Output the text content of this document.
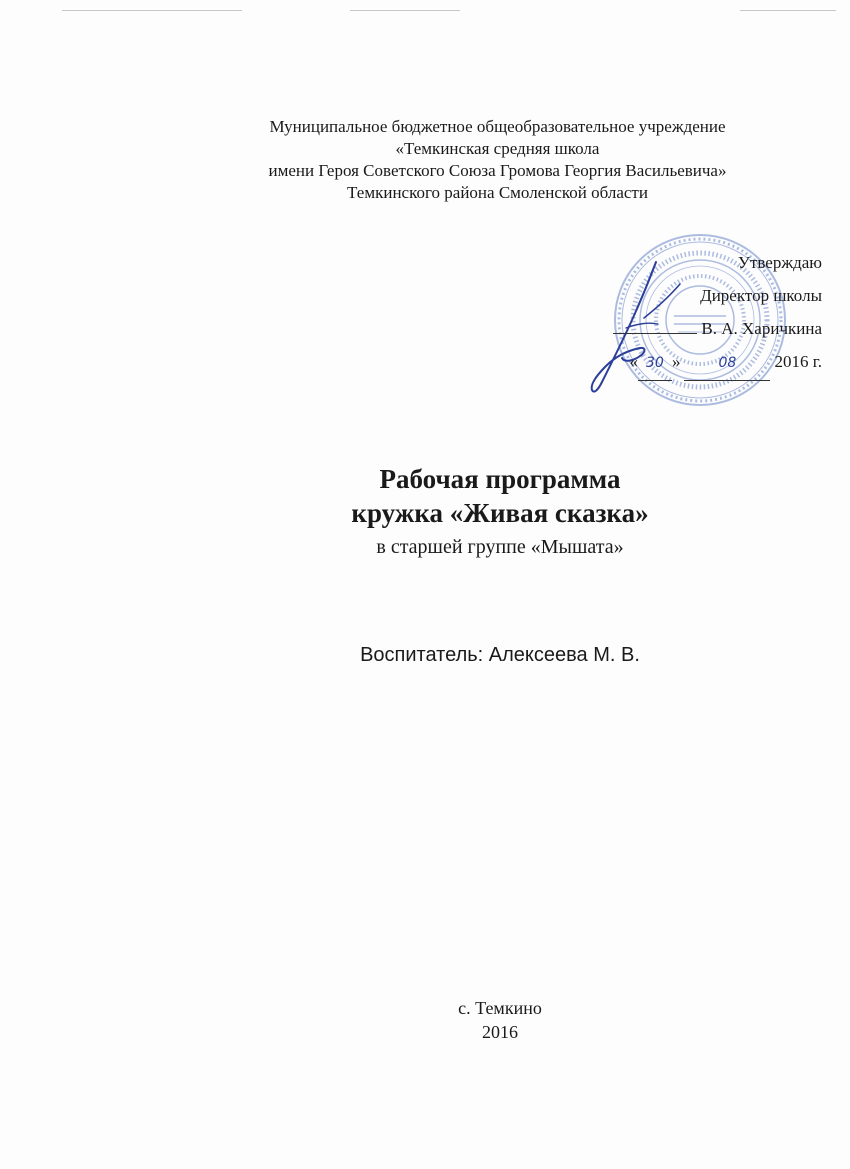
Муниципальное бюджетное общеобразовательное учреждение
«Темкинская средняя школа
имени Героя Советского Союза Громова Георгия Васильевича»
Темкинского района Смоленской области
Утверждаю
Директор школы
В. А. Харичкина
« 30 »	08 2016 г.
Рабочая программа
кружка «Живая сказка»
в старшей группе «Мышата»
Воспитатель: Алексеева М. В.
с. Темкино
2016
